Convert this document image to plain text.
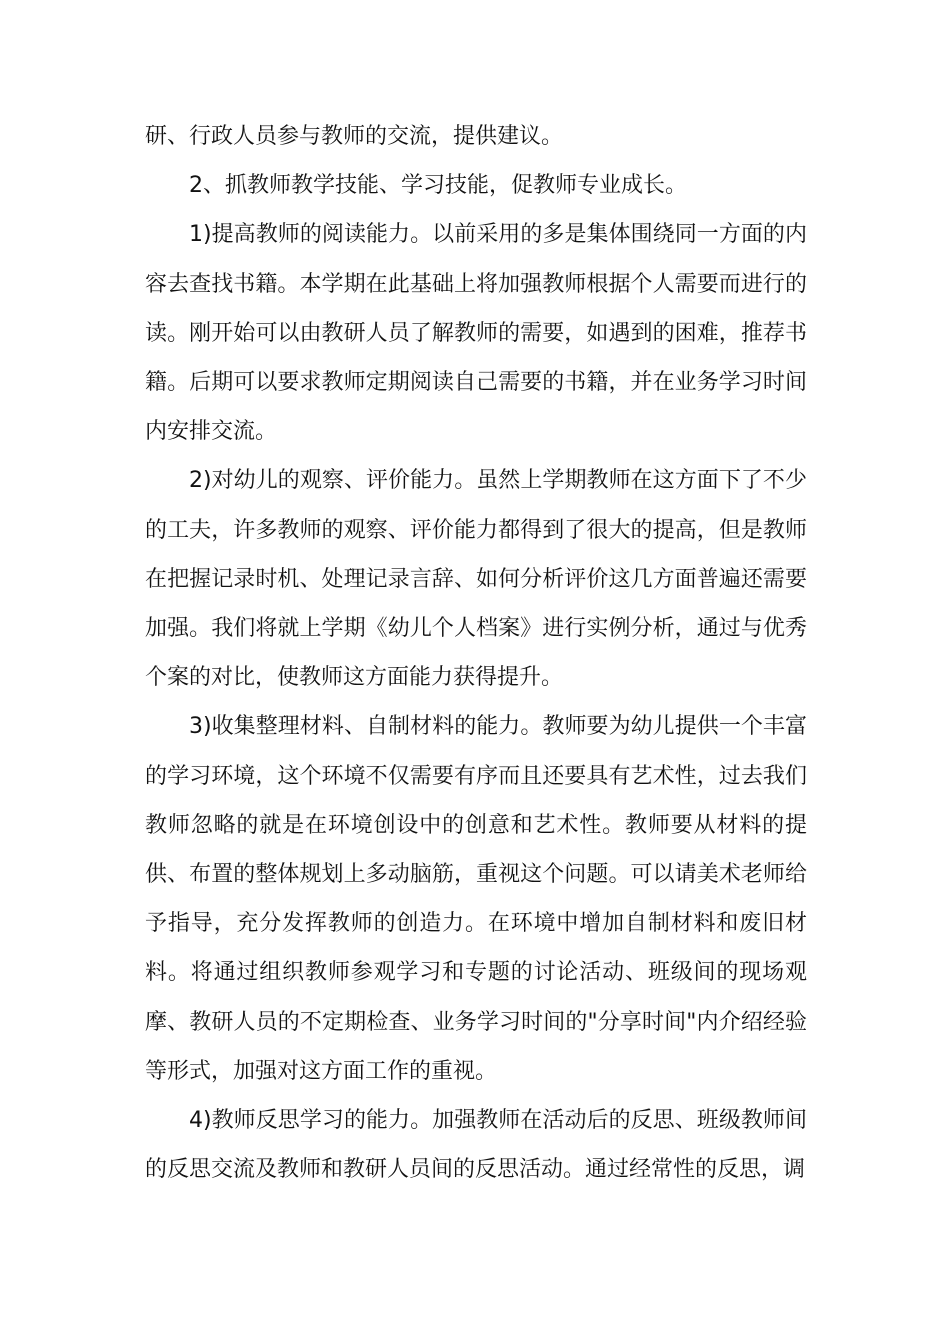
研、行政人员参与教师的交流，提供建议。

2、抓教师教学技能、学习技能，促教师专业成长。

1)提高教师的阅读能力。以前采用的多是集体围绕同一方面的内容去查找书籍。本学期在此基础上将加强教师根据个人需要而进行的读。刚开始可以由教研人员了解教师的需要，如遇到的困难，推荐书籍。后期可以要求教师定期阅读自己需要的书籍，并在业务学习时间内安排交流。

2)对幼儿的观察、评价能力。虽然上学期教师在这方面下了不少的工夫，许多教师的观察、评价能力都得到了很大的提高，但是教师在把握记录时机、处理记录言辞、如何分析评价这几方面普遍还需要加强。我们将就上学期《幼儿个人档案》进行实例分析，通过与优秀个案的对比，使教师这方面能力获得提升。

3)收集整理材料、自制材料的能力。教师要为幼儿提供一个丰富的学习环境，这个环境不仅需要有序而且还要具有艺术性，过去我们教师忽略的就是在环境创设中的创意和艺术性。教师要从材料的提供、布置的整体规划上多动脑筋，重视这个问题。可以请美术老师给予指导，充分发挥教师的创造力。在环境中增加自制材料和废旧材料。将通过组织教师参观学习和专题的讨论活动、班级间的现场观摩、教研人员的不定期检查、业务学习时间的"分享时间"内介绍经验等形式，加强对这方面工作的重视。

4)教师反思学习的能力。加强教师在活动后的反思、班级教师间的反思交流及教师和教研人员间的反思活动。通过经常性的反思，调
